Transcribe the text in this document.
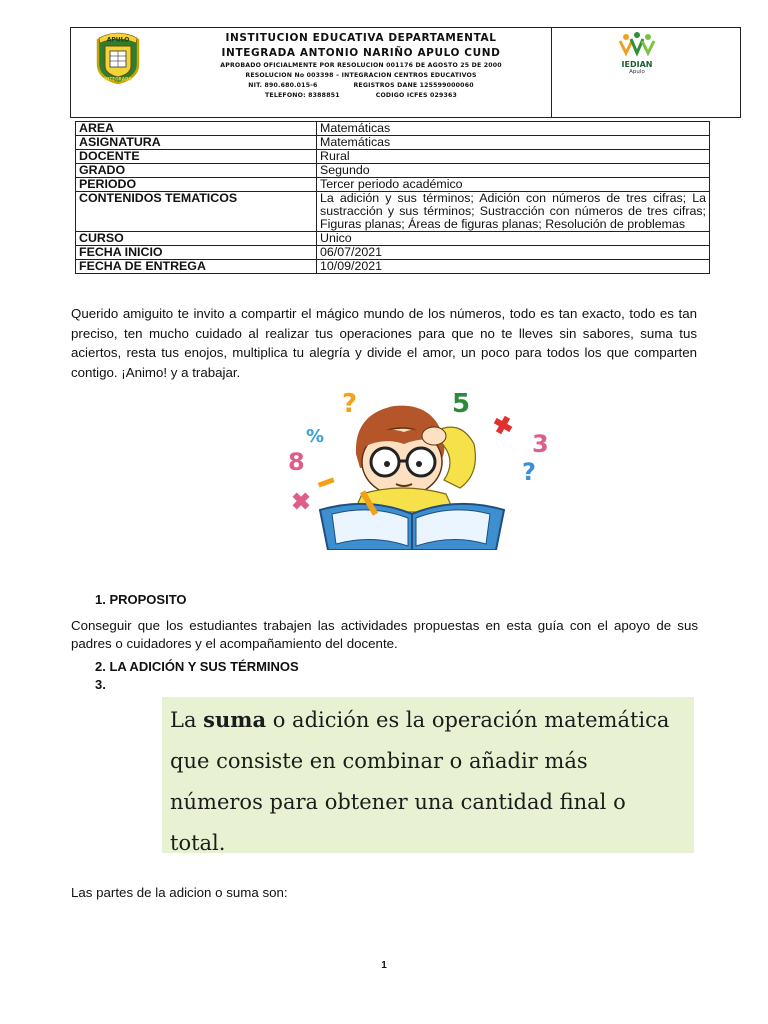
APULO
INTEGRADA
INSTITUCION EDUCATIVA DEPARTAMENTAL
INTEGRADA ANTONIO NARIÑO APULO CUND
APROBADO OFICIALMENTE POR RESOLUCION 001176 DE AGOSTO 25 DE 2000
RESOLUCION No 003398 – INTEGRACION CENTROS EDUCATIVOS
NIT. 890.680.015-6	REGISTROS DANE 125599000060
TELEFONO: 8388851	CODIGO ICFES 029363
IEDIAN
Apulo
AREA	Matemáticas
ASIGNATURA	Matemáticas
DOCENTE	Rural
GRADO	Segundo
PERIODO	Tercer periodo académico
CONTENIDOS TEMATICOS	La adición y sus términos; Adición con números de tres cifras; La sustracción y sus términos; Sustracción con números de tres cifras; Figuras planas; Áreas de figuras planas; Resolución de problemas
CURSO	Unico
FECHA INICIO	06/07/2021
FECHA DE ENTREGA	10/09/2021
Querido amiguito te invito a compartir el mágico mundo de los números, todo es tan exacto, todo es tan preciso, ten mucho cuidado al realizar tus operaciones para que no te lleves sin sabores, suma tus aciertos, resta tus enojos, multiplica tu alegría y divide el amor, un poco para todos los que comparten contigo. ¡Animo! y a trabajar.
?	5
3
8	?
%
1. PROPOSITO
Conseguir que los estudiantes trabajen las actividades propuestas en esta guía con el apoyo de sus padres o cuidadores y el acompañamiento del docente.
2. LA ADICIÓN Y SUS TÉRMINOS
3.
La suma o adición es la operación matemática que consiste en combinar o añadir más números para obtener una cantidad final o total.
Las partes de la adicion o suma son:
1
